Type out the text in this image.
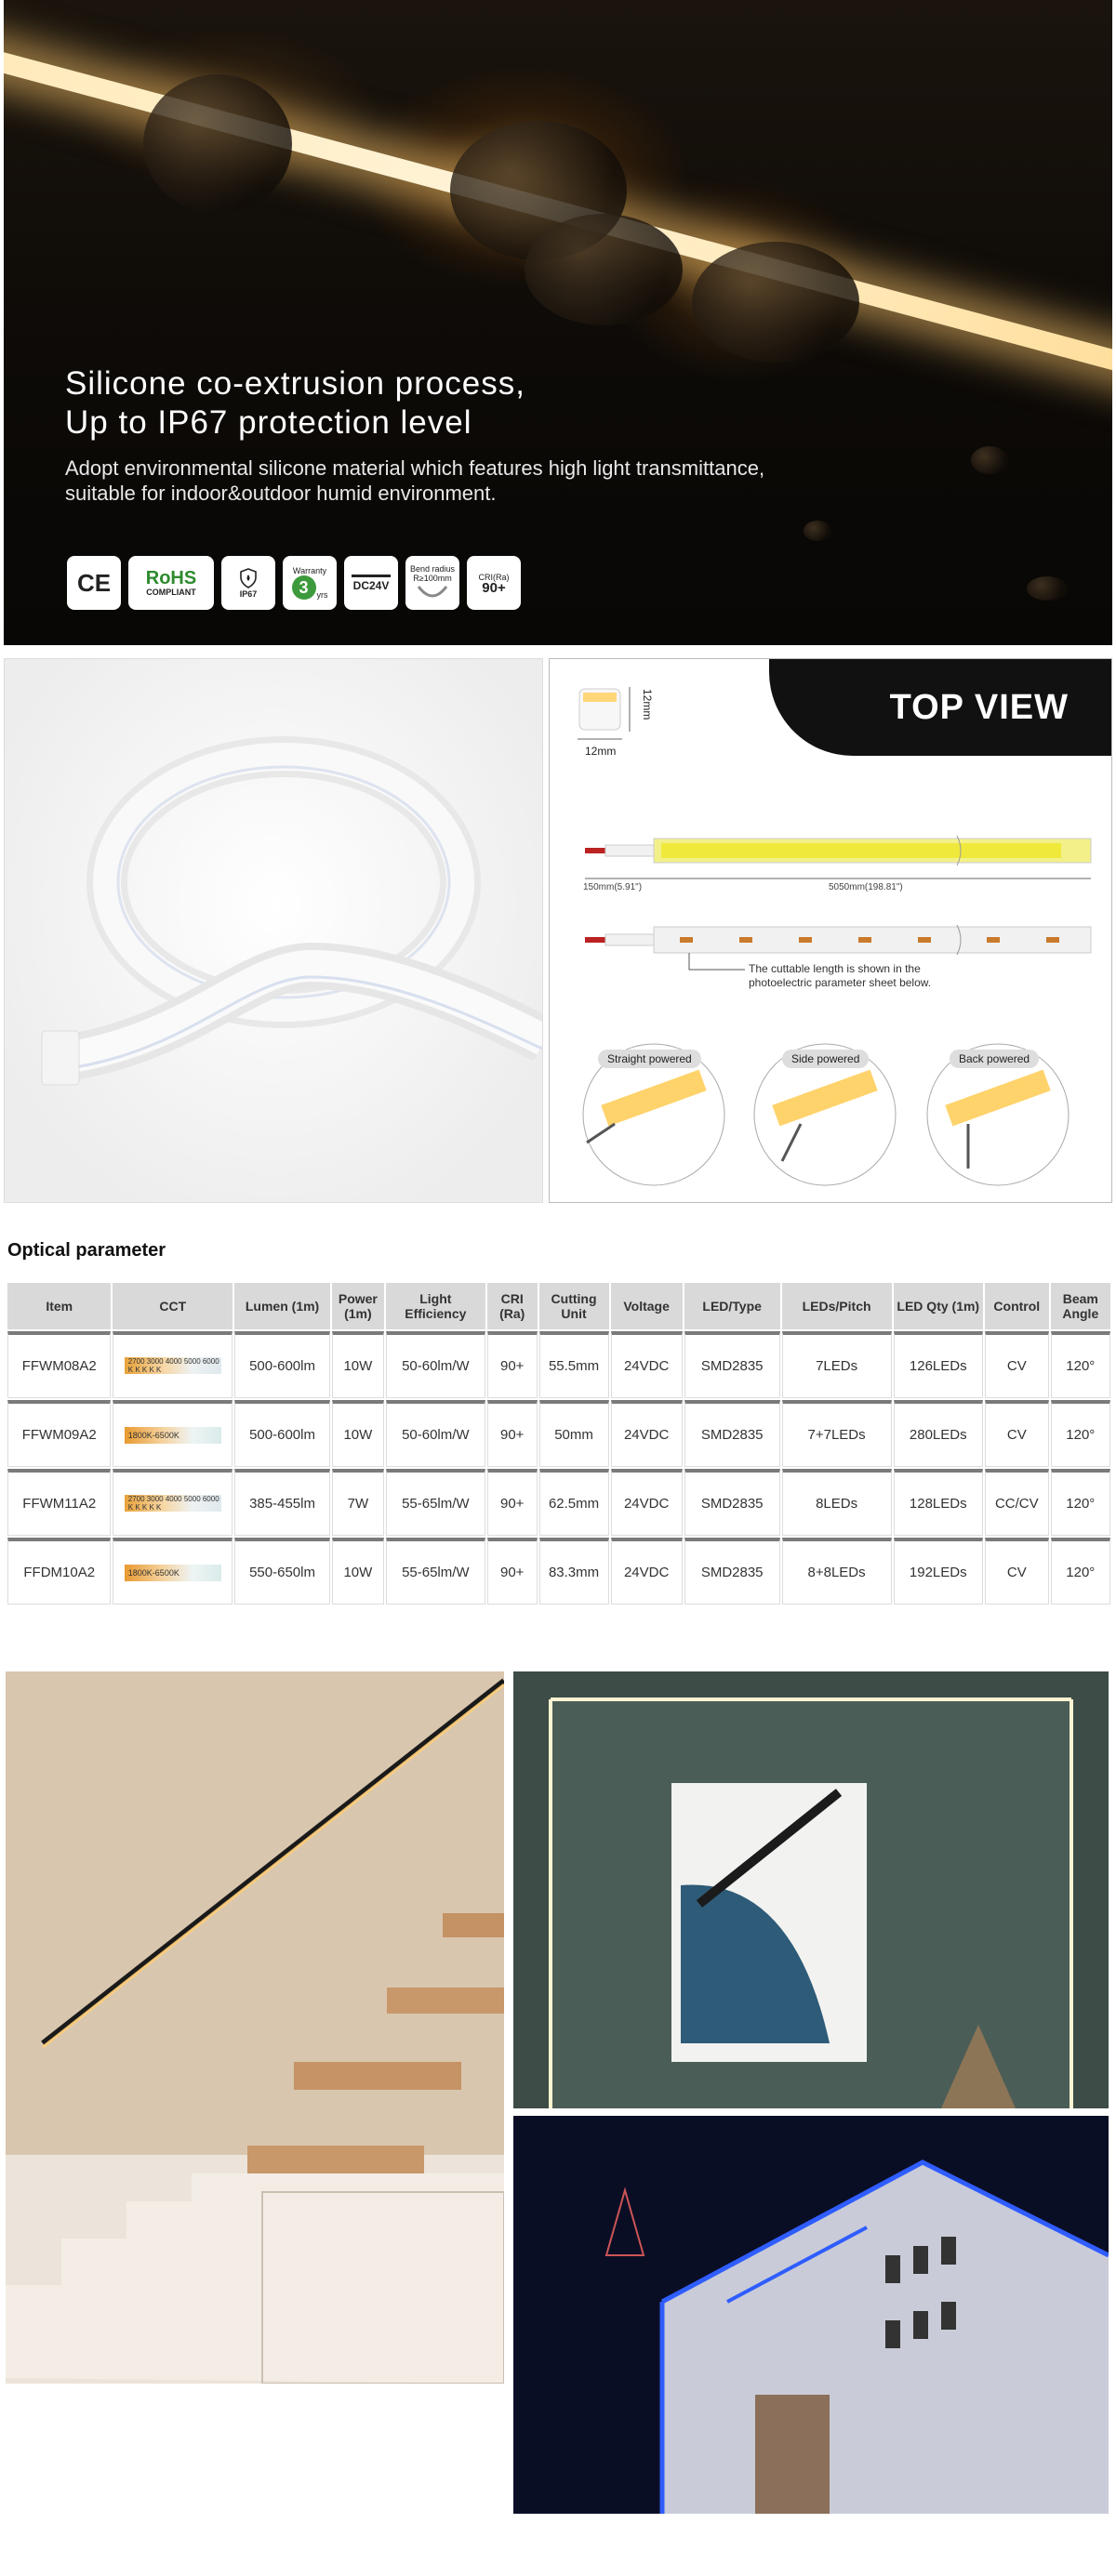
Silicone co-extrusion process,
Up to IP67 protection level

Adopt environmental silicone material which features high light transmittance,
suitable for indoor&outdoor humid environment.

CE RoHS
COMPLIANT	IP67
Warranty
3	yrs
DC24V
Bend radius
R≥100mm	CRI(Ra)
90+
TOP VIEW
12mm
12mm
150mm(5.91")	5050mm(198.81")
The cuttable length is shown in the
photoelectric parameter sheet below.
Straight powered	Side powered	Back powered
Optical parameter
Item	CCT	Lumen (1m)	Power (1m)	Light Efficiency	CRI (Ra)	Cutting Unit	Voltage	LED/Type	LEDs/Pitch	LED Qty (1m)	Control	Beam Angle
FFWM08A2	2700 3000 4000 5000 6000
K K K K K	500-600lm	10W	50-60lm/W	90+	55.5mm	24VDC	SMD2835	7LEDs	126LEDs	CV	120°
FFWM09A2	1800K-6500K	500-600lm	10W	50-60lm/W	90+	50mm	24VDC	SMD2835	7+7LEDs	280LEDs	CV	120°
FFWM11A2	2700 3000 4000 5000 6000
K K K K K	385-455lm	7W	55-65lm/W	90+	62.5mm	24VDC	SMD2835	8LEDs	128LEDs	CC/CV	120°
FFDM10A2	1800K-6500K	550-650lm	10W	55-65lm/W	90+	83.3mm	24VDC	SMD2835	8+8LEDs	192LEDs	CV	120°
